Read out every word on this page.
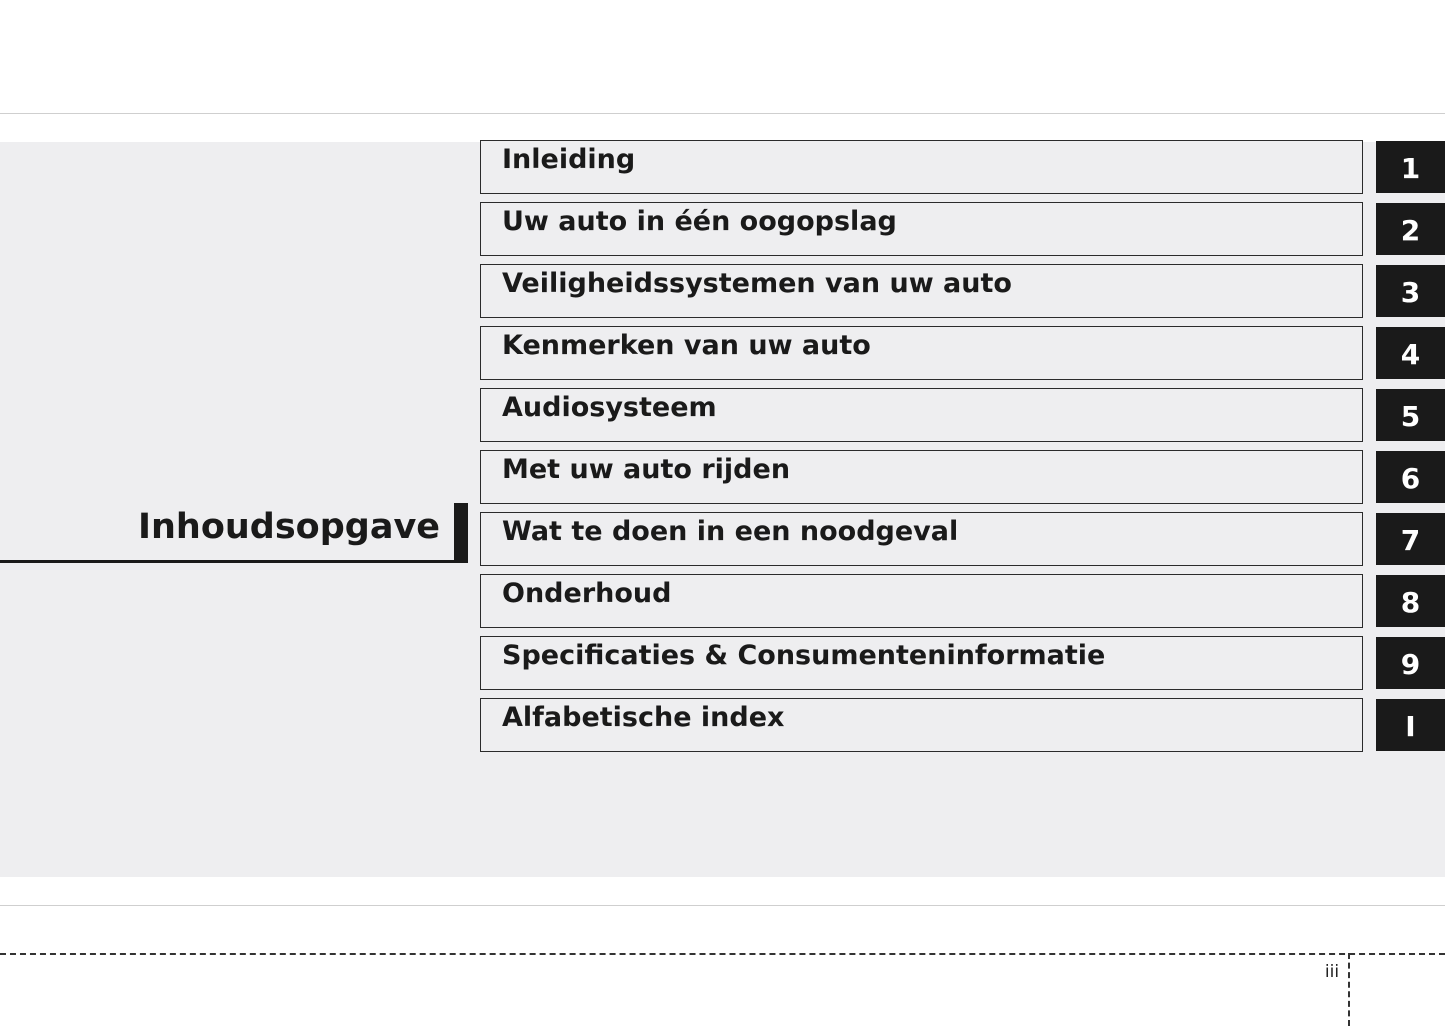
Inhoudsopgave
Inleiding	1
Uw auto in één oogopslag	2
Veiligheidssystemen van uw auto	3
Kenmerken van uw auto	4
Audiosysteem	5
Met uw auto rijden	6
Wat te doen in een noodgeval	7
Onderhoud	8
Specificaties & Consumenteninformatie	9
Alfabetische index	I
iii
